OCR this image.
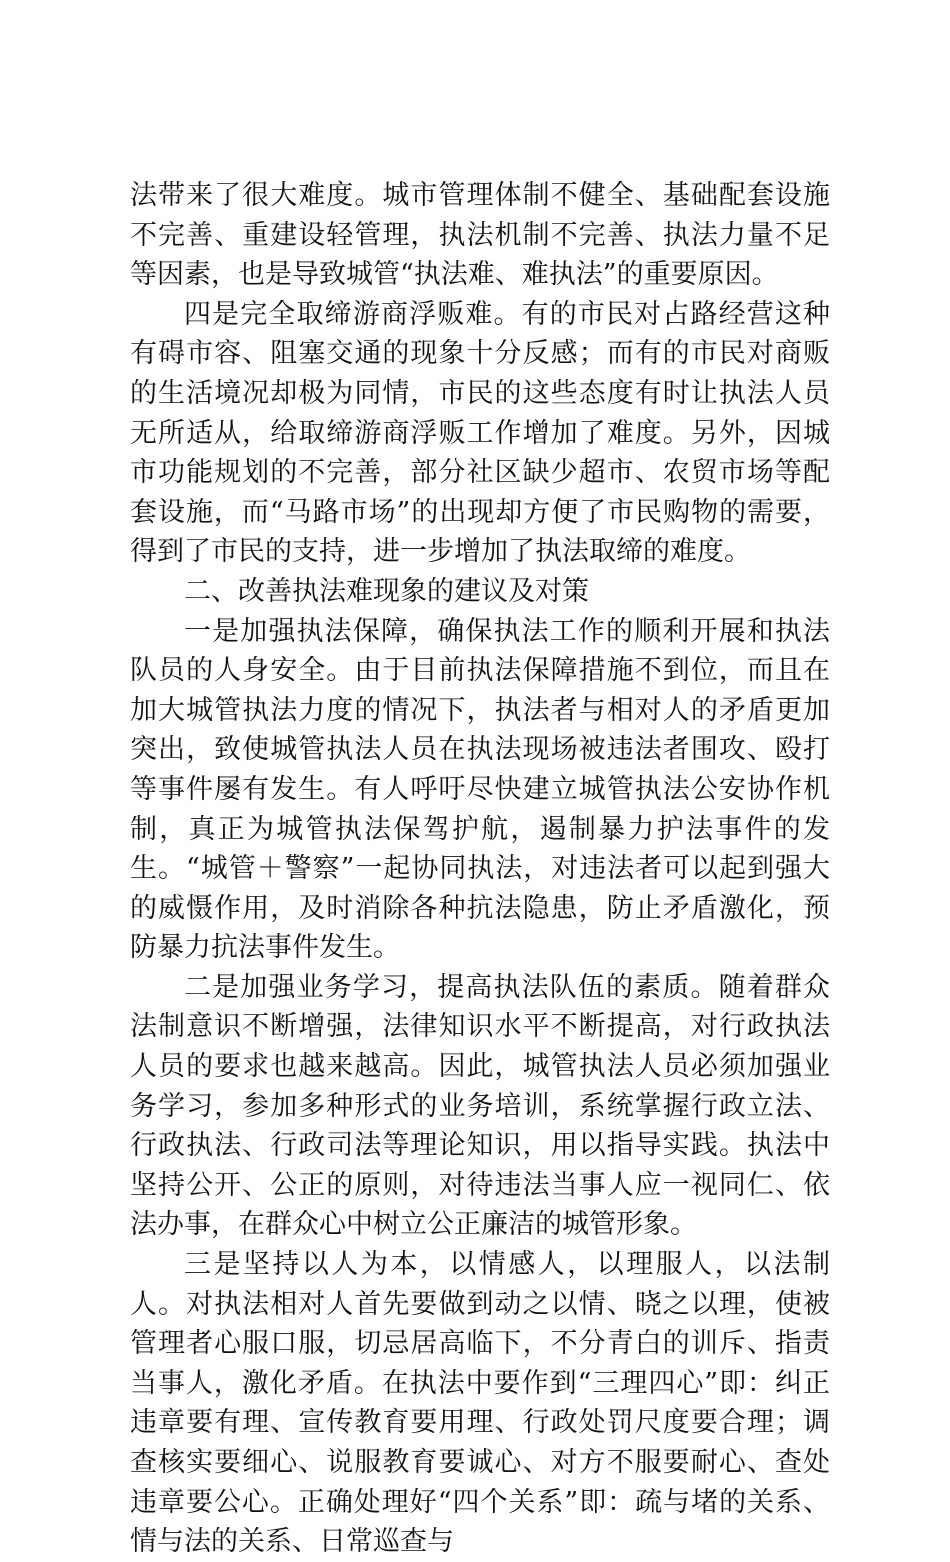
法带来了很大难度。城市管理体制不健全、基础配套设施不完善、重建设轻管理，执法机制不完善、执法力量不足等因素，也是导致城管“执法难、难执法”的重要原因。

四是完全取缔游商浮贩难。有的市民对占路经营这种有碍市容、阻塞交通的现象十分反感；而有的市民对商贩的生活境况却极为同情，市民的这些态度有时让执法人员无所适从，给取缔游商浮贩工作增加了难度。另外，因城市功能规划的不完善，部分社区缺少超市、农贸市场等配套设施，而“马路市场”的出现却方便了市民购物的需要，得到了市民的支持，进一步增加了执法取缔的难度。

二、改善执法难现象的建议及对策

一是加强执法保障，确保执法工作的顺利开展和执法队员的人身安全。由于目前执法保障措施不到位，而且在加大城管执法力度的情况下，执法者与相对人的矛盾更加突出，致使城管执法人员在执法现场被违法者围攻、殴打等事件屡有发生。有人呼吁尽快建立城管执法公安协作机制，真正为城管执法保驾护航，遏制暴力护法事件的发生。“城管＋警察”一起协同执法，对违法者可以起到强大的威慑作用，及时消除各种抗法隐患，防止矛盾激化，预防暴力抗法事件发生。

二是加强业务学习，提高执法队伍的素质。随着群众法制意识不断增强，法律知识水平不断提高，对行政执法人员的要求也越来越高。因此，城管执法人员必须加强业务学习，参加多种形式的业务培训，系统掌握行政立法、行政执法、行政司法等理论知识，用以指导实践。执法中坚持公开、公正的原则，对待违法当事人应一视同仁、依法办事，在群众心中树立公正廉洁的城管形象。

三是坚持以人为本，以情感人，以理服人，以法制人。对执法相对人首先要做到动之以情、晓之以理，使被管理者心服口服，切忌居高临下，不分青白的训斥、指责当事人，激化矛盾。在执法中要作到“三理四心”即：纠正违章要有理、宣传教育要用理、行政处罚尺度要合理；调查核实要细心、说服教育要诚心、对方不服要耐心、查处违章要公心。正确处理好“四个关系”即：疏与堵的关系、情与法的关系、日常巡查与
